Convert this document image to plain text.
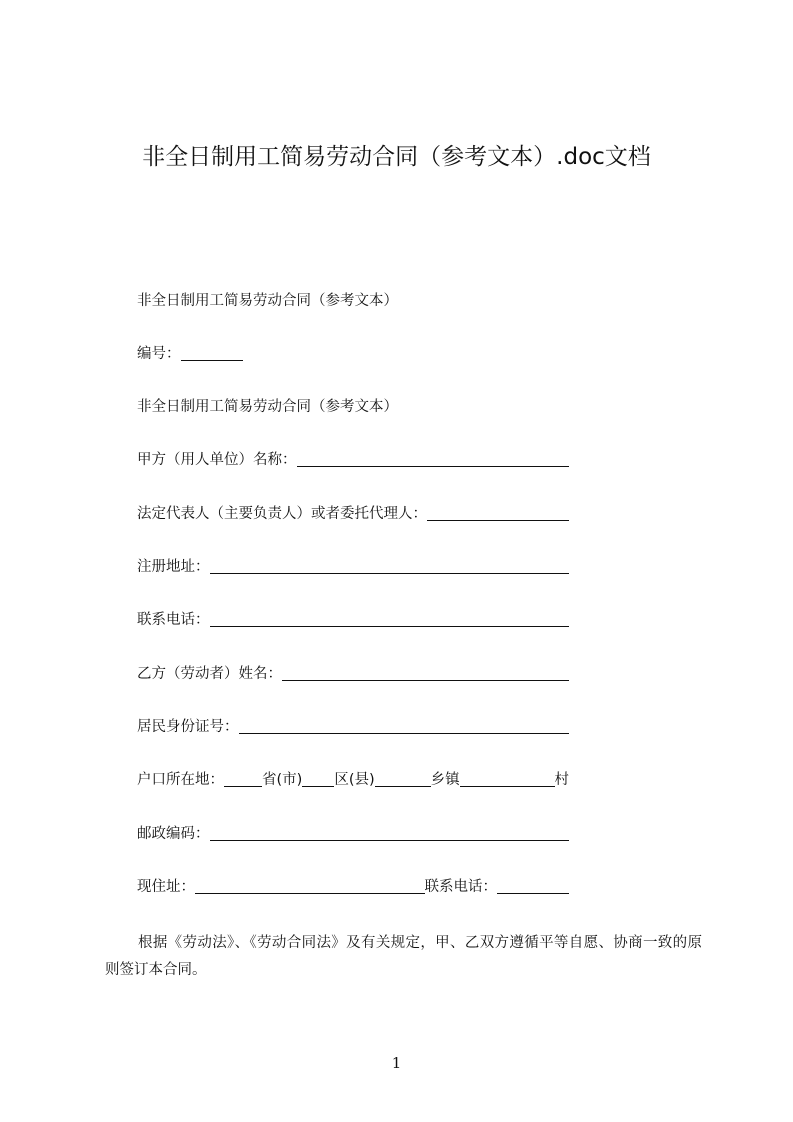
非全日制用工简易劳动合同（参考文本）.doc文档
非全日制用工简易劳动合同（参考文本）
编号：
非全日制用工简易劳动合同（参考文本）
甲方（用人单位）名称：
法定代表人（主要负责人）或者委托代理人：
注册地址：
联系电话：
乙方（劳动者）姓名：
居民身份证号：
户口所在地：	省(市) 区(县)	乡镇	村
邮政编码：
现住址：	联系电话：
根据《劳动法》、《劳动合同法》及有关规定，甲、乙双方遵循平等自愿、协商一致的原则签订本合同。
1
